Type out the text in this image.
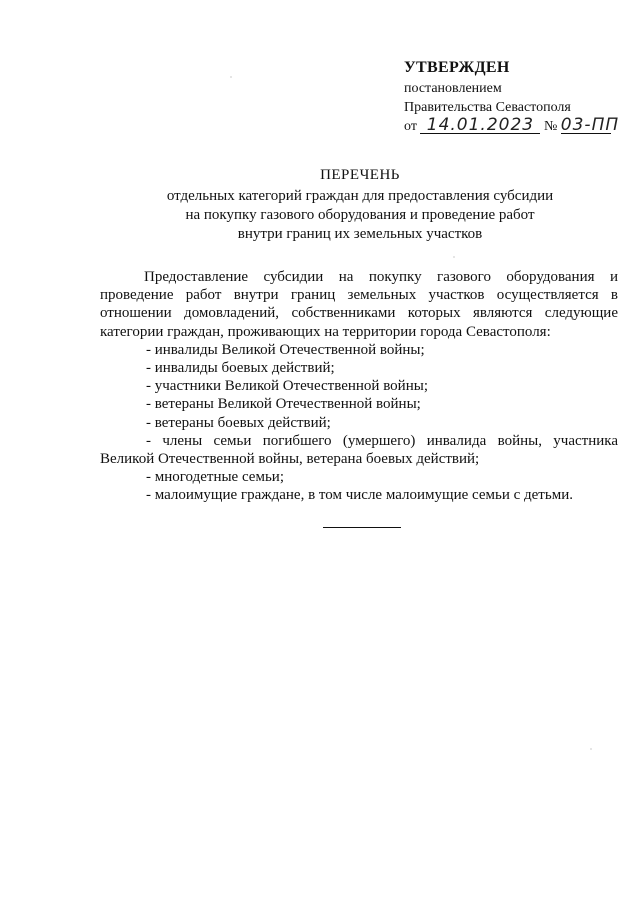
УТВЕРЖДЕН
постановлением
Правительства Севастополя
от 14.01.2023 № 03-ПП
ПЕРЕЧЕНЬ
отдельных категорий граждан для предоставления субсидии
на покупку газового оборудования и проведение работ
внутри границ их земельных участков

Предоставление субсидии на покупку газового оборудования и проведение работ внутри границ земельных участков осуществляется в отношении домовладений, собственниками которых являются следующие категории граждан, проживающих на территории города Севастополя:

- инвалиды Великой Отечественной войны;

- инвалиды боевых действий;

- участники Великой Отечественной войны;

- ветераны Великой Отечественной войны;

- ветераны боевых действий;

- члены семьи погибшего (умершего) инвалида войны, участника Великой Отечественной войны, ветерана боевых действий;

- многодетные семьи;

- малоимущие граждане, в том числе малоимущие семьи с детьми.
